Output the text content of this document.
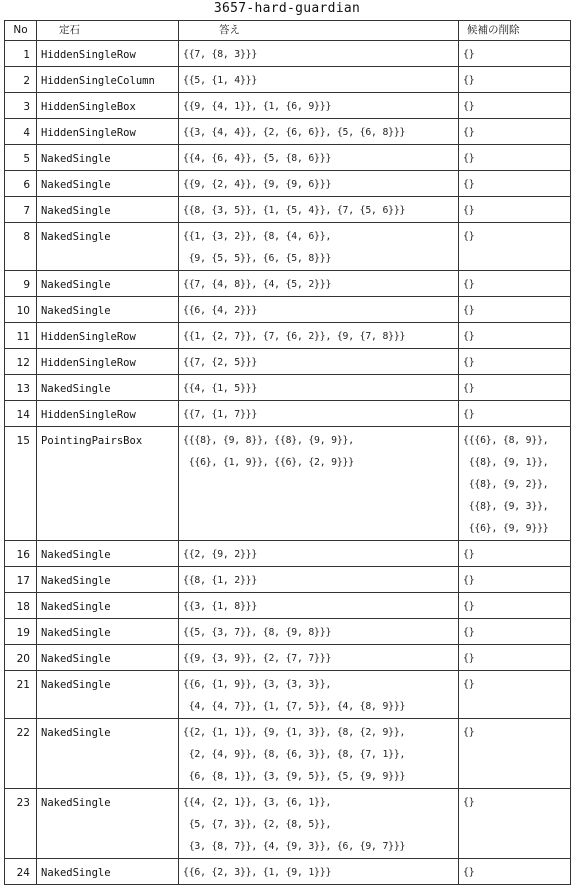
3657-hard-guardian
No	定石	答え	候補の削除
1	HiddenSingleRow	{{7, {8, 3}}}	{}

2	HiddenSingleColumn	{{5, {1, 4}}}	{}

3	HiddenSingleBox	{{9, {4, 1}}, {1, {6, 9}}}	{}

4	HiddenSingleRow	{{3, {4, 4}}, {2, {6, 6}}, {5, {6, 8}}}	{}

5	NakedSingle	{{4, {6, 4}}, {5, {8, 6}}}	{}

6	NakedSingle	{{9, {2, 4}}, {9, {9, 6}}}	{}

7	NakedSingle	{{8, {3, 5}}, {1, {5, 4}}, {7, {5, 6}}}	{}

8	NakedSingle	{{1, {3, 2}}, {8, {4, 6}},
{9, {5, 5}}, {6, {5, 8}}}	{}

9	NakedSingle	{{7, {4, 8}}, {4, {5, 2}}}	{}

10	NakedSingle	{{6, {4, 2}}}	{}

11	HiddenSingleRow	{{1, {2, 7}}, {7, {6, 2}}, {9, {7, 8}}}	{}

12	HiddenSingleRow	{{7, {2, 5}}}	{}

13	NakedSingle	{{4, {1, 5}}}	{}

14	HiddenSingleRow	{{7, {1, 7}}}	{}

15	PointingPairsBox	{{{8}, {9, 8}}, {{8}, {9, 9}},
{{6}, {1, 9}}, {{6}, {2, 9}}}	{{{6}, {8, 9}},
{{8}, {9, 1}},
{{8}, {9, 2}},
{{8}, {9, 3}},
{{6}, {9, 9}}}

16	NakedSingle	{{2, {9, 2}}}	{}

17	NakedSingle	{{8, {1, 2}}}	{}

18	NakedSingle	{{3, {1, 8}}}	{}

19	NakedSingle	{{5, {3, 7}}, {8, {9, 8}}}	{}

20	NakedSingle	{{9, {3, 9}}, {2, {7, 7}}}	{}

21	NakedSingle	{{6, {1, 9}}, {3, {3, 3}},
{4, {4, 7}}, {1, {7, 5}}, {4, {8, 9}}}	{}

22	NakedSingle	{{2, {1, 1}}, {9, {1, 3}}, {8, {2, 9}},
{2, {4, 9}}, {8, {6, 3}}, {8, {7, 1}},
{6, {8, 1}}, {3, {9, 5}}, {5, {9, 9}}}	{}

23	NakedSingle	{{4, {2, 1}}, {3, {6, 1}},
{5, {7, 3}}, {2, {8, 5}},
{3, {8, 7}}, {4, {9, 3}}, {6, {9, 7}}}	{}

24	NakedSingle	{{6, {2, 3}}, {1, {9, 1}}}	{}
